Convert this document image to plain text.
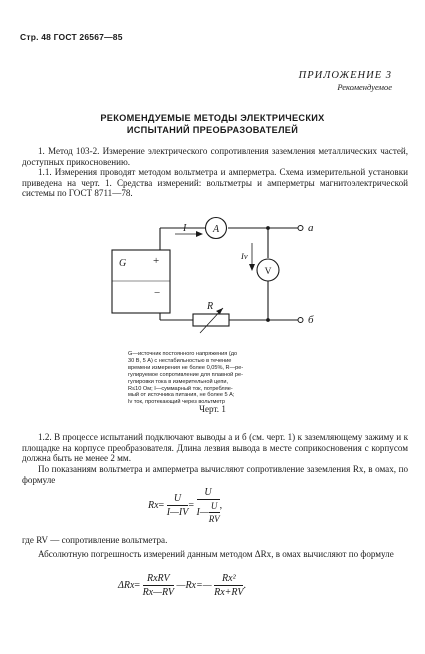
Стр. 48 ГОСТ 26567—85
ПРИЛОЖЕНИЕ 3
Рекомендуемое
РЕКОМЕНДУЕМЫЕ МЕТОДЫ ЭЛЕКТРИЧЕСКИХ
ИСПЫТАНИЙ ПРЕОБРАЗОВАТЕЛЕЙ

1. Метод 103-2. Измерение электрического сопротивления заземления металлических частей, доступных прикосновению.

1.1. Измерения проводят методом вольтметра и амперметра. Схема измерительной установки приведена на черт. 1. Средства измерений: вольтметры и амперметры магнитоэлектрической системы по ГОСТ 8711—78.

G +
−
I	A
Iv
V
R
а
б
G—источник постоянного напряжения (до
30 В, 5 А) с нестабильностью в течение
времени измерения не более 0,05%, R—ре-
гулируемое сопротивление для плавной ре-
гулировки тока в измерительной цепи,
R≤10 Ом; I—суммарный ток, потребляе-
мый от источника питания, не более 5 А;
Iv ток, протекающий через вольтметр
Черт. 1

1.2. В процессе испытаний подключают выводы а и б (см. черт. 1) к заземляющему зажиму и к площадке на корпусе преобразователя. Длина лезвия вывода в месте соприкосновения с корпусом должна быть не менее 2 мм.

По показаниям вольтметра и амперметра вычисляют сопротивление заземления Rx, в омах, по формуле

$Rx= \frac{U}{I—IV} = \frac{U}{I— \frac{U}{RV}}$ ,

где RV — сопротивление вольтметра.

Абсолютную погрешность измерений данным методом ΔRx, в омах вычисляют по формуле

$\Delta Rx= \frac{\text{RxRV}}{Rx—RV}$ —Rx=— $\frac{\text{Rx²}}{Rx+RV}$ .
